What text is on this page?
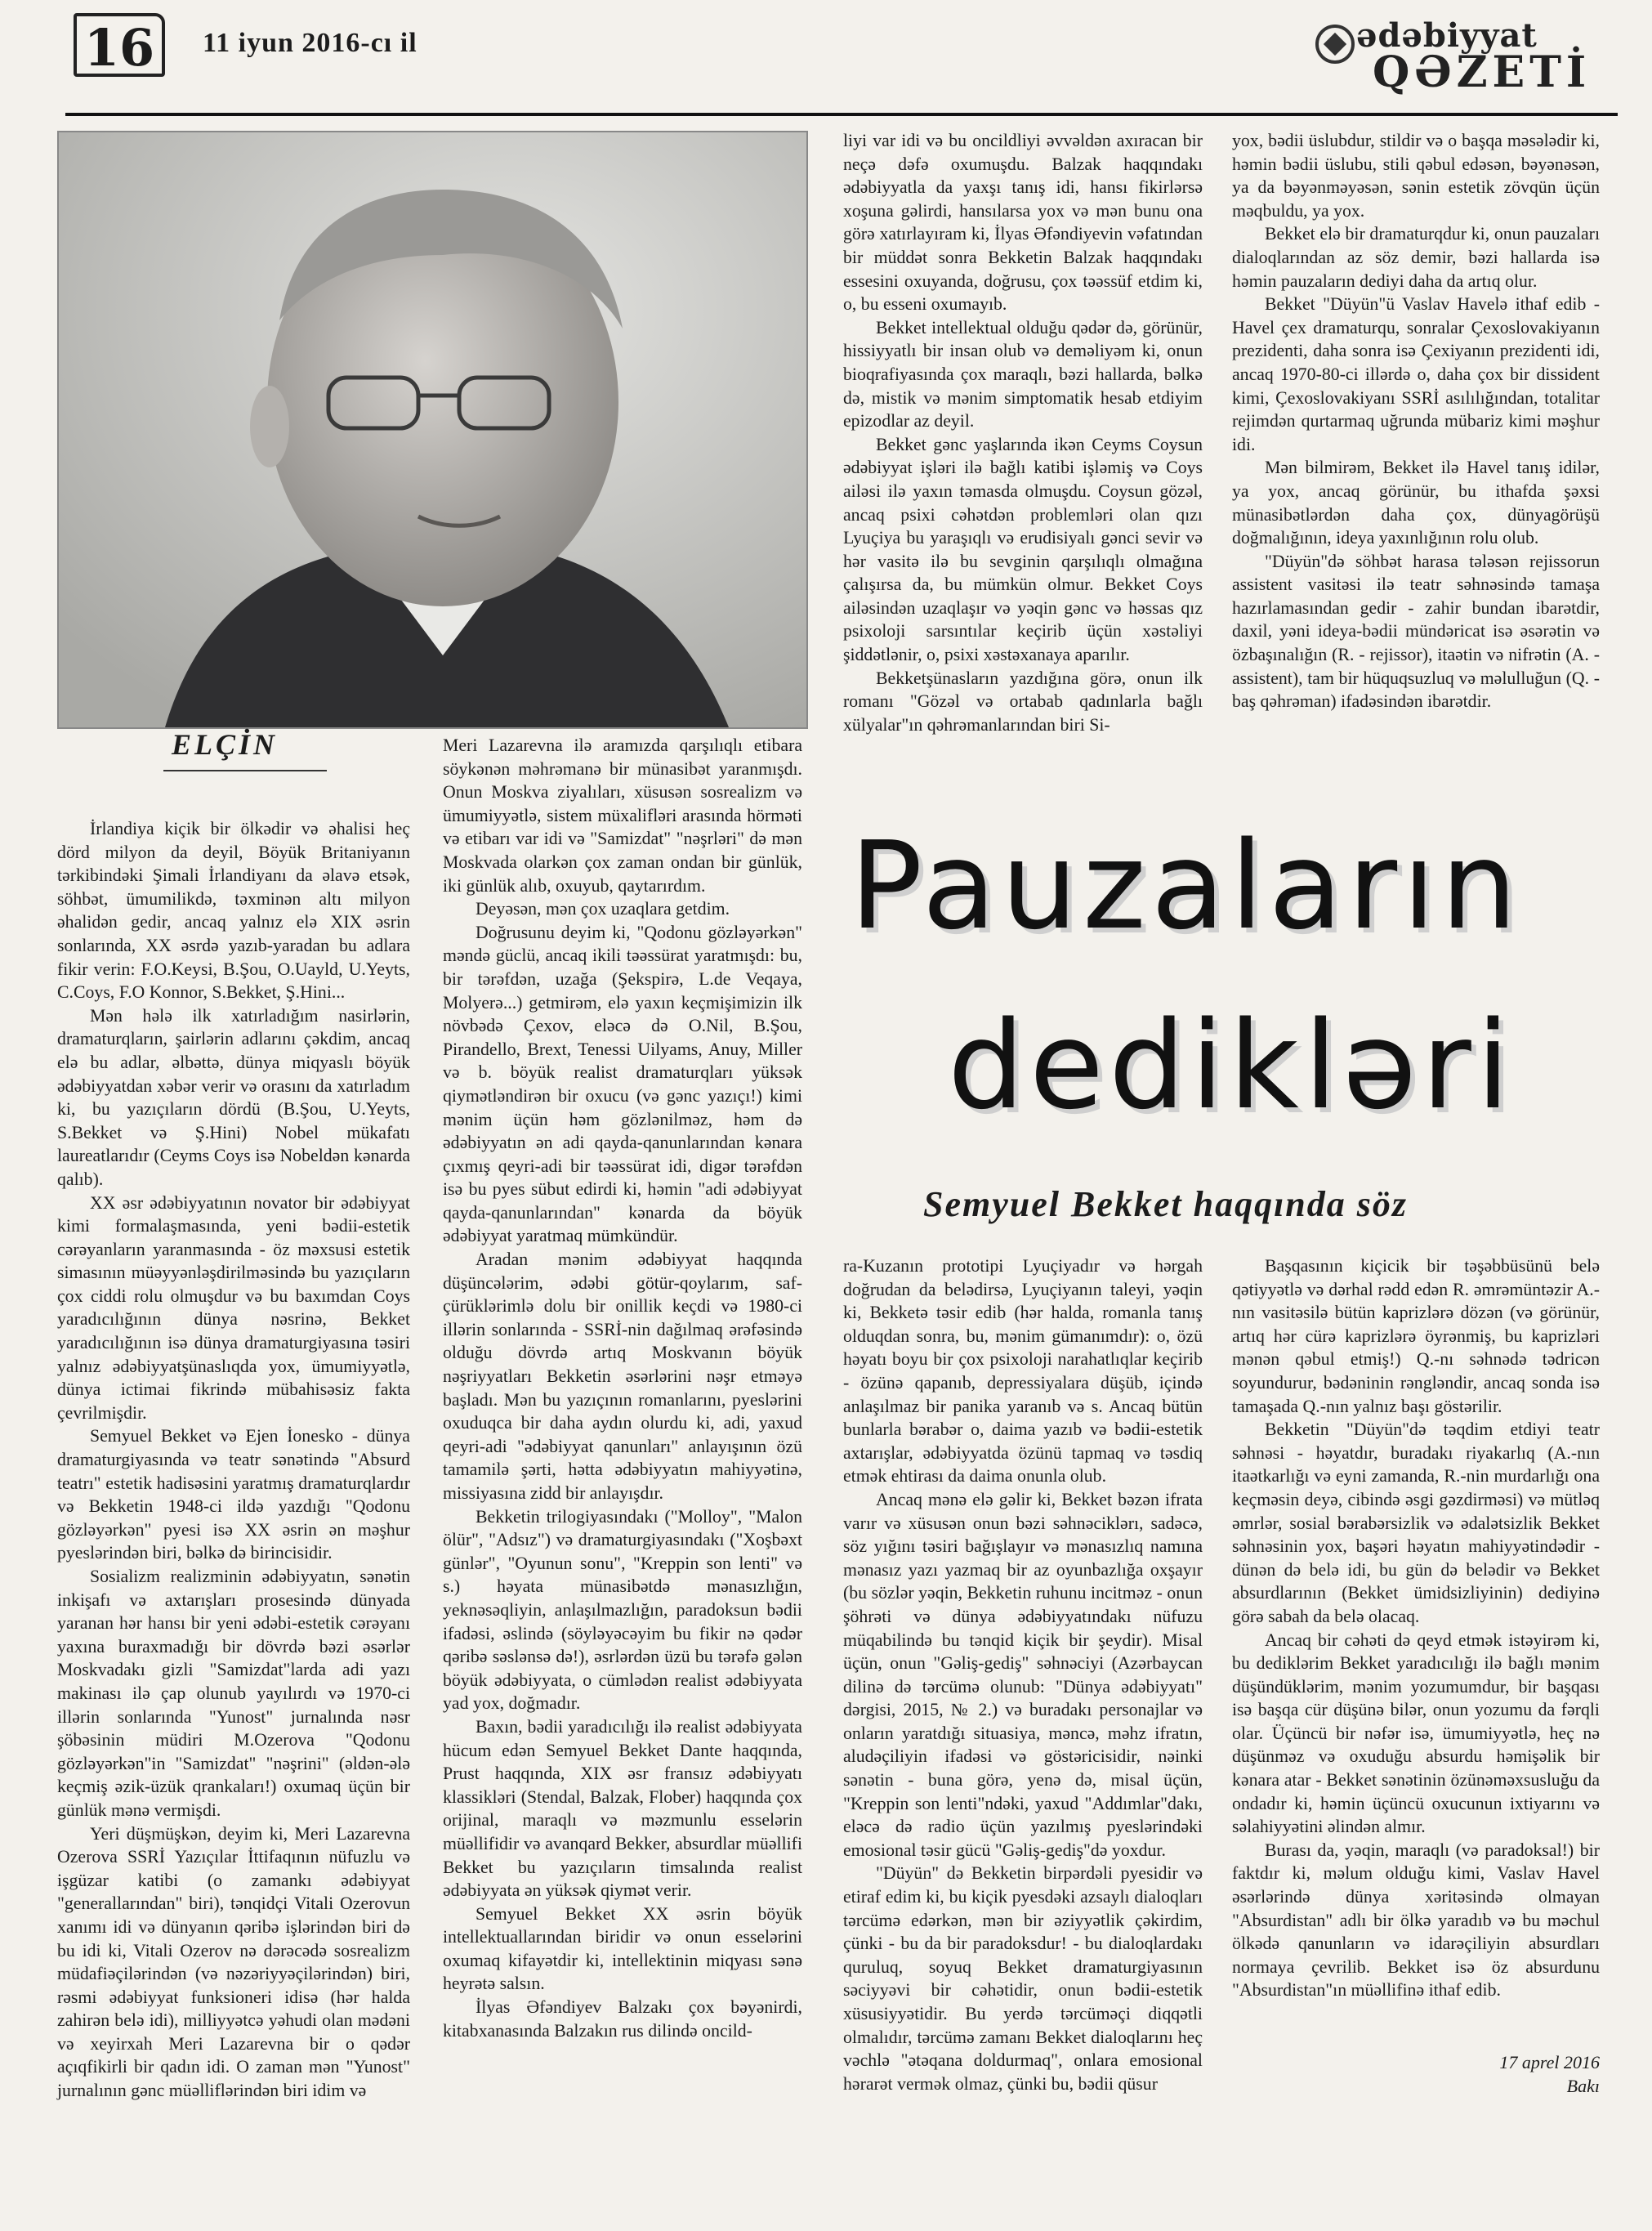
16	11 iyun 2016-cı il	ədəbiyyat
QƏZETİ
ELÇİN

İrlandiya kiçik bir ölkədir və əhalisi heç dörd milyon da deyil, Böyük Britaniyanın tərkibindəki Şimali İrlandiyanı da əlavə etsək, söhbət, ümumilikdə, təxminən altı milyon əhalidən gedir, ancaq yalnız elə XIX əsrin sonlarında, XX əsrdə yazıb-yaradan bu adlara fikir verin: F.O.Keysi, B.Şou, O.Uayld, U.Yeyts, C.Coys, F.O Konnor, S.Bekket, Ş.Hini...

Mən hələ ilk xatırladığım nasirlərin, dramaturqların, şairlərin adlarını çəkdim, ancaq elə bu adlar, əlbəttə, dünya miqyaslı böyük ədəbiyyatdan xəbər verir və orasını da xatırladım ki, bu yazıçıların dördü (B.Şou, U.Yeyts, S.Bekket və Ş.Hini) Nobel mükafatı laureatlarıdır (Ceyms Coys isə Nobeldən kənarda qalıb).

XX əsr ədəbiyyatının novator bir ədəbiyyat kimi formalaşmasında, yeni bədii-estetik cərəyanların yaranmasında - öz məxsusi estetik simasının müəyyənləşdirilməsində bu yazıçıların çox ciddi rolu olmuşdur və bu baxımdan Coys yaradıcılığının dünya nəsrinə, Bekket yaradıcılığının isə dünya dramaturgiyasına təsiri yalnız ədəbiyyatşünaslıqda yox, ümumiyyətlə, dünya ictimai fikrində mübahisəsiz fakta çevrilmişdir.

Semyuel Bekket və Ejen İonesko - dünya dramaturgiyasında və teatr sənətində "Absurd teatrı" estetik hadisəsini yaratmış dramaturqlardır və Bekketin 1948-ci ildə yazdığı "Qodonu gözləyərkən" pyesi isə XX əsrin ən məşhur pyeslərindən biri, bəlkə də birincisidir.

Sosializm realizminin ədəbiyyatın, sənətin inkişafı və axtarışları prosesində dünyada yaranan hər hansı bir yeni ədəbi-estetik cərəyanı yaxına buraxmadığı bir dövrdə bəzi əsərlər Moskvadakı gizli "Samizdat"larda adi yazı makinası ilə çap olunub yayılırdı və 1970-ci illərin sonlarında "Yunost" jurnalında nəsr şöbəsinin müdiri M.Ozerova "Qodonu gözləyərkən"in "Samizdat" "nəşrini" (əldən-ələ keçmiş əzik-üzük qrankaları!) oxumaq üçün bir günlük mənə vermişdi.

Yeri düşmüşkən, deyim ki, Meri Lazarevna Ozerova SSRİ Yazıçılar İttifaqının nüfuzlu və işgüzar katibi (o zamankı ədəbiyyat "generallarından" biri), tənqidçi Vitali Ozerovun xanımı idi və dünyanın qəribə işlərindən biri də bu idi ki, Vitali Ozerov nə dərəcədə sosrealizm müdafiəçilərindən (və nəzəriyyəçilərindən) biri, rəsmi ədəbiyyat funksioneri idisə (hər halda zahirən belə idi), milliyyətcə yəhudi olan mədəni və xeyirxah Meri Lazarevna bir o qədər açıqfikirli bir qadın idi. O zaman mən "Yunost" jurnalının gənc müəlliflərindən biri idim və

Meri Lazarevna ilə aramızda qarşılıqlı etibara söykənən məhrəmanə bir münasibət yaranmışdı. Onun Moskva ziyalıları, xüsusən sosrealizm və ümumiyyətlə, sistem müxalifləri arasında hörməti və etibarı var idi və "Samizdat" "nəşrləri" də mən Moskvada olarkən çox zaman ondan bir günlük, iki günlük alıb, oxuyub, qaytarırdım.

Deyəsən, mən çox uzaqlara getdim.

Doğrusunu deyim ki, "Qodonu gözləyərkən" məndə güclü, ancaq ikili təəssürat yaratmışdı: bu, bir tərəfdən, uzağa (Şekspirə, L.de Veqaya, Molyerə...) getmirəm, elə yaxın keçmişimizin ilk növbədə Çexov, eləcə də O.Nil, B.Şou, Pirandello, Brext, Tenessi Uilyams, Anuy, Miller və b. böyük realist dramaturqları yüksək qiymətləndirən bir oxucu (və gənc yazıçı!) kimi mənim üçün həm gözlənilməz, həm də ədəbiyyatın ən adi qayda-qanunlarından kənara çıxmış qeyri-adi bir təəssürat idi, digər tərəfdən isə bu pyes sübut edirdi ki, həmin "adi ədəbiyyat qayda-qanunlarından" kənarda da böyük ədəbiyyat yaratmaq mümkündür.

Aradan mənim ədəbiyyat haqqında düşüncələrim, ədəbi götür-qoylarım, saf-çürüklərimlə dolu bir onillik keçdi və 1980-ci illərin sonlarında - SSRİ-nin dağılmaq ərəfəsində olduğu dövrdə artıq Moskvanın böyük nəşriyyatları Bekketin əsərlərini nəşr etməyə başladı. Mən bu yazıçının romanlarını, pyeslərini oxuduqca bir daha aydın olurdu ki, adi, yaxud qeyri-adi "ədəbiyyat qanunları" anlayışının özü tamamilə şərti, hətta ədəbiyyatın mahiyyətinə, missiyasına zidd bir anlayışdır.

Bekketin trilogiyasındakı ("Molloy", "Malon ölür", "Adsız") və dramaturgiyasındakı ("Xoşbəxt günlər", "Oyunun sonu", "Kreppin son lenti" və s.) həyata münasibətdə mənasızlığın, yeknəsəqliyin, anlaşılmazlığın, paradoksun bədii ifadəsi, əslində (söyləyəcəyim bu fikir nə qədər qəribə səslənsə də!), əsrlərdən üzü bu tərəfə gələn böyük ədəbiyyata, o cümlədən realist ədəbiyyata yad yox, doğmadır.

Baxın, bədii yaradıcılığı ilə realist ədəbiyyata hücum edən Semyuel Bekket Dante haqqında, Prust haqqında, XIX əsr fransız ədəbiyyatı klassikləri (Stendal, Balzak, Flober) haqqında çox orijinal, maraqlı və məzmunlu esselərin müəllifidir və avanqard Bekker, absurdlar müəllifi Bekket bu yazıçıların timsalında realist ədəbiyyata ən yüksək qiymət verir.

Semyuel Bekket XX əsrin böyük intellektuallarından biridir və onun esselərini oxumaq kifayətdir ki, intellektinin miqyası sənə heyrətə salsın.

İlyas Əfəndiyev Balzakı çox bəyənirdi, kitabxanasında Balzakın rus dilində oncild-

liyi var idi və bu oncildliyi əvvəldən axıracan bir neçə dəfə oxumuşdu. Balzak haqqındakı ədəbiyyatla da yaxşı tanış idi, hansı fikirlərsə xoşuna gəlirdi, hansılarsa yox və mən bunu ona görə xatırlayıram ki, İlyas Əfəndiyevin vəfatından bir müddət sonra Bekketin Balzak haqqındakı essesini oxuyanda, doğrusu, çox təəssüf etdim ki, o, bu esseni oxumayıb.

Bekket intellektual olduğu qədər də, görünür, hissiyyatlı bir insan olub və deməliyəm ki, onun bioqrafiyasında çox maraqlı, bəzi hallarda, bəlkə də, mistik və mənim simptomatik hesab etdiyim epizodlar az deyil.

Bekket gənc yaşlarında ikən Ceyms Coysun ədəbiyyat işləri ilə bağlı katibi işləmiş və Coys ailəsi ilə yaxın təmasda olmuşdu. Coysun gözəl, ancaq psixi cəhətdən problemləri olan qızı Lyuçiya bu yaraşıqlı və erudisiyalı gənci sevir və hər vasitə ilə bu sevginin qarşılıqlı olmağına çalışırsa da, bu mümkün olmur. Bekket Coys ailəsindən uzaqlaşır və yəqin gənc və həssas qız psixoloji sarsıntılar keçirib üçün xəstəliyi şiddətlənir, o, psixi xəstəxanaya aparılır.

Bekketşünasların yazdığına görə, onun ilk romanı "Gözəl və ortabab qadınlarla bağlı xülyalar"ın qəhrəmanlarından biri Si-

yox, bədii üslubdur, stildir və o başqa məsələdir ki, həmin bədii üslubu, stili qəbul edəsən, bəyənəsən, ya da bəyənməyəsən, sənin estetik zövqün üçün məqbuldu, ya yox.

Bekket elə bir dramaturqdur ki, onun pauzaları dialoqlarından az söz demir, bəzi hallarda isə həmin pauzaların dediyi daha da artıq olur.

Bekket "Düyün"ü Vaslav Havelə ithaf edib - Havel çex dramaturqu, sonralar Çexoslovakiyanın prezidenti, daha sonra isə Çexiyanın prezidenti idi, ancaq 1970-80-ci illərdə o, daha çox bir dissident kimi, Çexoslovakiyanı SSRİ asılılığından, totalitar rejimdən qurtarmaq uğrunda mübariz kimi məşhur idi.

Mən bilmirəm, Bekket ilə Havel tanış idilər, ya yox, ancaq görünür, bu ithafda şəxsi münasibətlərdən daha çox, dünyagörüşü doğmalığının, ideya yaxınlığının rolu olub.

"Düyün"də söhbət harasa tələsən rejissorun assistent vasitəsi ilə teatr səhnəsində tamaşa hazırlamasından gedir - zahir bundan ibarətdir, daxil, yəni ideya-bədii mündəricat isə əsərətin və özbaşınalığın (R. - rejissor), itaətin və nifrətin (A. - assistent), tam bir hüquqsuzluq və məlulluğun (Q. - baş qəhrəman) ifadəsindən ibarətdir.

Pauzaların
dedikləri
Semyuel Bekket haqqında söz

ra-Kuzanın prototipi Lyuçiyadır və hərgah doğrudan da belədirsə, Lyuçiyanın taleyi, yəqin ki, Bekketə təsir edib (hər halda, romanla tanış olduqdan sonra, bu, mənim gümanımdır): o, özü həyatı boyu bir çox psixoloji narahatlıqlar keçirib - özünə qapanıb, depressiyalara düşüb, içində anlaşılmaz bir panika yaranıb və s. Ancaq bütün bunlarla bərabər o, daima yazıb və bədii-estetik axtarışlar, ədəbiyyatda özünü tapmaq və təsdiq etmək ehtirası da daima onunla olub.

Ancaq mənə elə gəlir ki, Bekket bəzən ifrata varır və xüsusən onun bəzi səhnəciklərı, sadəcə, söz yığını təsiri bağışlayır və mənasızlıq namına mənasız yazı yazmaq bir az oyunbazlığa oxşayır (bu sözlər yəqin, Bekketin ruhunu incitməz - onun şöhrəti və dünya ədəbiyyatındakı nüfuzu müqabilində bu tənqid kiçik bir şeydir). Misal üçün, onun "Gəliş-gediş" səhnəciyi (Azərbaycan dilinə də tərcümə olunub: "Dünya ədəbiyyatı" dərgisi, 2015, № 2.) və buradakı personajlar və onların yaratdığı situasiya, məncə, məhz ifratın, aludəçiliyin ifadəsi və göstəricisidir, nəinki sənətin - buna görə, yenə də, misal üçün, "Kreppin son lenti"ndəki, yaxud "Addımlar"dakı, eləcə də radio üçün yazılmış pyeslərindəki emosional təsir gücü "Gəliş-gediş"də yoxdur.

"Düyün" də Bekketin birpərdəli pyesidir və etiraf edim ki, bu kiçik pyesdəki azsaylı dialoqları tərcümə edərkən, mən bir əziyyətlik çəkirdim, çünki - bu da bir paradoksdur! - bu dialoqlardakı quruluq, soyuq Bekket dramaturgiyasının səciyyəvi bir cəhətidir, onun bədii-estetik xüsusiyyətidir. Bu yerdə tərcüməçi diqqətli olmalıdır, tərcümə zamanı Bekket dialoqlarını heç vəchlə "ətəqana doldurmaq", onlara emosional hərarət vermək olmaz, çünki bu, bədii qüsur

Başqasının kiçicik bir təşəbbüsünü belə qətiyyətlə və dərhal rədd edən R. əmrəmüntəzir A.-nın vasitəsilə bütün kaprizlərə dözən (və görünür, artıq hər cürə kaprizlərə öyrənmiş, bu kaprizləri mənən qəbul etmiş!) Q.-nı səhnədə tədricən soyundurur, bədəninin rəngləndir, ancaq sonda isə tamaşada Q.-nın yalnız başı göstərilir.

Bekketin "Düyün"də təqdim etdiyi teatr səhnəsi - həyatdır, buradakı riyakarlıq (A.-nın itaətkarlığı və eyni zamanda, R.-nin murdarlığı ona keçməsin deyə, cibində əsgi gəzdirməsi) və mütləq əmrlər, sosial bərabərsizlik və ədalətsizlik Bekket səhnəsinin yox, başəri həyatın mahiyyətindədir - dünən də belə idi, bu gün də belədir və Bekket absurdlarının (Bekket ümidsizliyinin) dediyinə görə sabah da belə olacaq.

Ancaq bir cəhəti də qeyd etmək istəyirəm ki, bu dediklərim Bekket yaradıcılığı ilə bağlı mənim düşündüklərim, mənim yozumumdur, bir başqası isə başqa cür düşünə bilər, onun yozumu da fərqli olar. Üçüncü bir nəfər isə, ümumiyyətlə, heç nə düşünməz və oxuduğu absurdu həmişəlik bir kənara atar - Bekket sənətinin özünəməxsusluğu da ondadır ki, həmin üçüncü oxucunun ixtiyarını və səlahiyyətini əlindən almır.

Burası da, yəqin, maraqlı (və paradoksal!) bir faktdır ki, məlum olduğu kimi, Vaslav Havel əsərlərində dünya xəritəsində olmayan "Absurdistan" adlı bir ölkə yaradıb və bu məchul ölkədə qanunların və idarəçiliyin absurdları normaya çevrilib. Bekket isə öz absurdunu "Absurdistan"ın müəllifinə ithaf edib.

17 aprel 2016
Bakı
